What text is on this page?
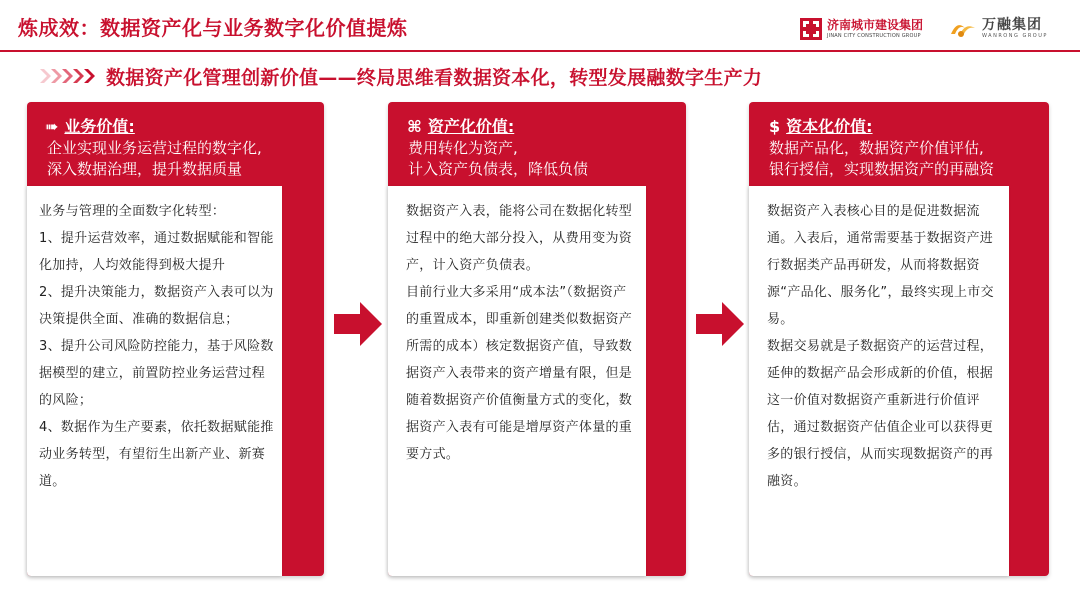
炼成效：数据资产化与业务数字化价值提炼	济南城市建设集团
JINAN CITY CONSTRUCTION GROUP
万融集团
WANRONG GROUP
数据资产化管理创新价值——终局思维看数据资本化，转型发展融数字生产力
➠ 业务价值:
企业实现业务运营过程的数字化,
深入数据治理，提升数据质量

业务与管理的全面数字化转型：

1、提升运营效率，通过数据赋能和智能化加持，人均效能得到极大提升

2、提升决策能力，数据资产入表可以为决策提供全面、准确的数据信息；

3、提升公司风险防控能力，基于风险数据模型的建立，前置防控业务运营过程的风险；

4、数据作为生产要素，依托数据赋能推动业务转型，有望衍生出新产业、新赛道。

⌘ 资产化价值:
费用转化为资产,
计入资产负债表，降低负债

数据资产入表，能将公司在数据化转型过程中的绝大部分投入，从费用变为资产，计入资产负债表。

目前行业大多采用“成本法”（数据资产的重置成本，即重新创建类似数据资产所需的成本）核定数据资产值，导致数据资产入表带来的资产增量有限，但是随着数据资产价值衡量方式的变化，数据资产入表有可能是增厚资产体量的重要方式。

$ 资本化价值:
数据产品化，数据资产价值评估,
银行授信，实现数据资产的再融资

数据资产入表核心目的是促进数据流通。入表后，通常需要基于数据资产进行数据类产品再研发，从而将数据资源“产品化、服务化”，最终实现上市交易。

数据交易就是子数据资产的运营过程，延伸的数据产品会形成新的价值，根据这一价值对数据资产重新进行价值评估，通过数据资产估值企业可以获得更多的银行授信，从而实现数据资产的再融资。
